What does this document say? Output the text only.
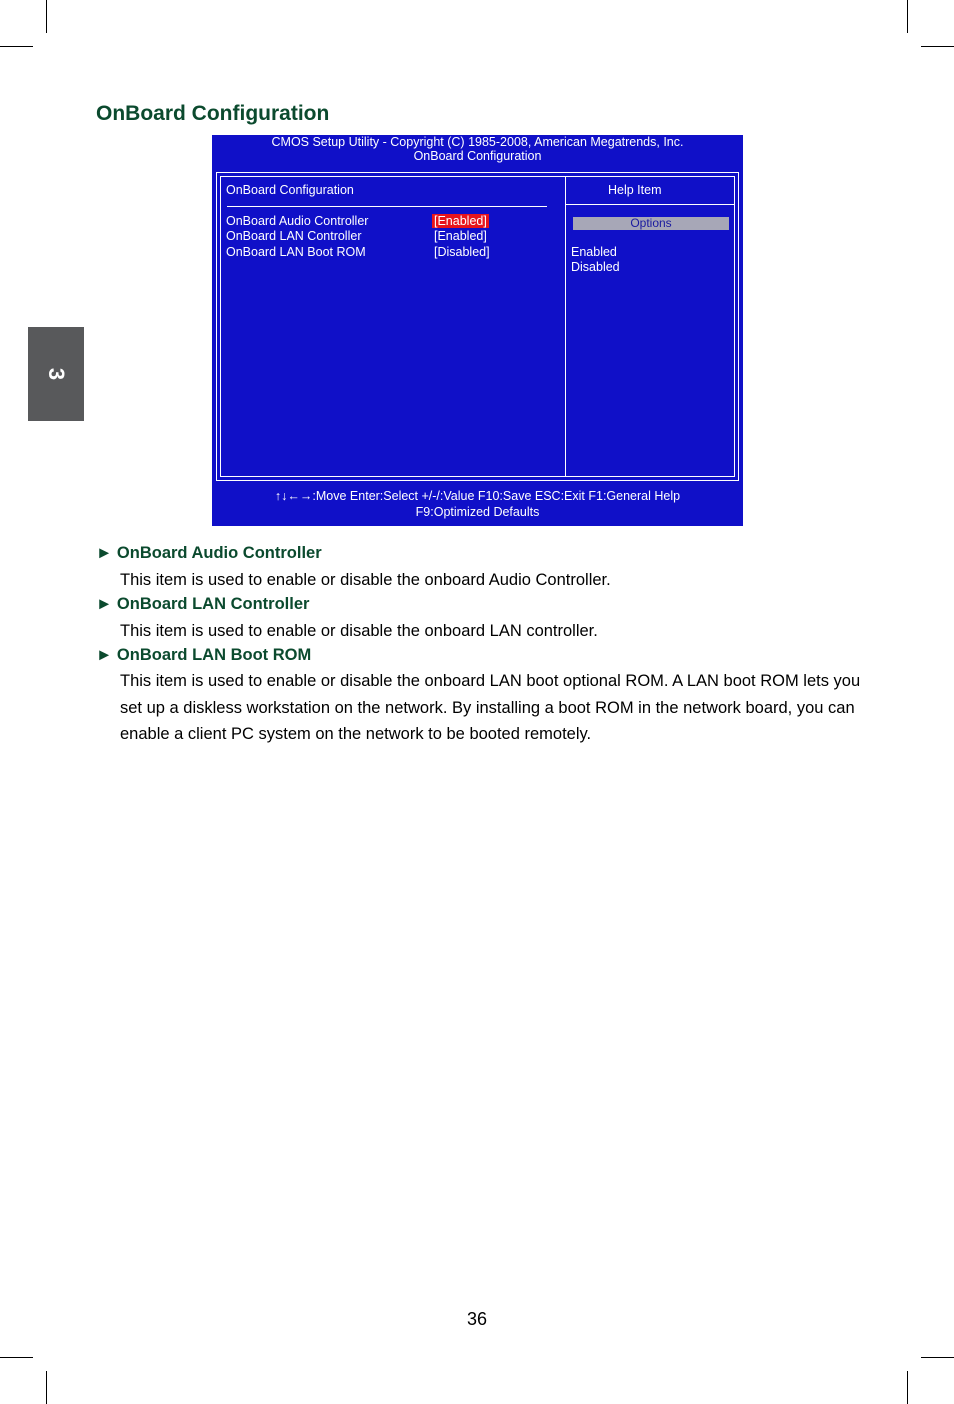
3
OnBoard Configuration
CMOS Setup Utility - Copyright (C) 1985-2008, American Megatrends, Inc.
OnBoard Configuration
OnBoard Configuration	Help Item
OnBoard Audio Controller	[Enabled]
OnBoard LAN Controller	[Enabled]
OnBoard LAN Boot ROM	[Disabled]
Options
Enabled
Disabled
↑↓←→:Move Enter:Select +/-/:Value F10:Save ESC:Exit F1:General Help
F9:Optimized Defaults
► OnBoard Audio Controller
This item is used to enable or disable the onboard Audio Controller.
► OnBoard LAN Controller
This item is used to enable or disable the onboard LAN controller.
► OnBoard LAN Boot ROM
This item is used to enable or disable the onboard LAN boot optional ROM. A LAN boot ROM lets you set up a diskless workstation on the network. By installing a boot ROM in the network board, you can enable a client PC system on the network to be booted remotely.
36
